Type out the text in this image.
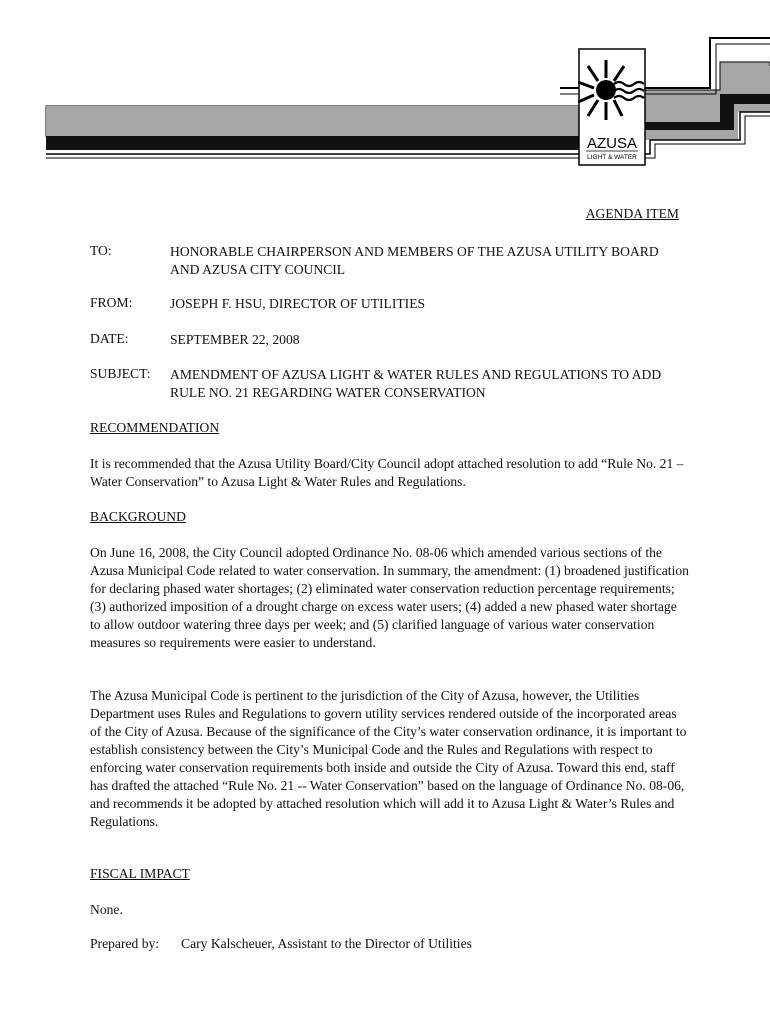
AZUSA
LIGHT & WATER
AGENDA ITEM
TO:	HONORABLE CHAIRPERSON AND MEMBERS OF THE AZUSA UTILITY BOARD AND AZUSA CITY COUNCIL
FROM:	JOSEPH F. HSU, DIRECTOR OF UTILITIES
DATE:	SEPTEMBER 22, 2008
SUBJECT: AMENDMENT OF AZUSA LIGHT & WATER RULES AND REGULATIONS TO ADD RULE NO. 21 REGARDING WATER CONSERVATION
RECOMMENDATION

It is recommended that the Azusa Utility Board/City Council adopt attached resolution to add “Rule No. 21 – Water Conservation” to Azusa Light & Water Rules and Regulations.

BACKGROUND

On June 16, 2008, the City Council adopted Ordinance No. 08-06 which amended various sections of the Azusa Municipal Code related to water conservation. In summary, the amendment: (1) broadened justification for declaring phased water shortages; (2) eliminated water conservation reduction percentage requirements; (3) authorized imposition of a drought charge on excess water users; (4) added a new phased water shortage to allow outdoor watering three days per week; and (5) clarified language of various water conservation measures so requirements were easier to understand.

The Azusa Municipal Code is pertinent to the jurisdiction of the City of Azusa, however, the Utilities Department uses Rules and Regulations to govern utility services rendered outside of the incorporated areas of the City of Azusa. Because of the significance of the City’s water conservation ordinance, it is important to establish consistency between the City’s Municipal Code and the Rules and Regulations with respect to enforcing water conservation requirements both inside and outside the City of Azusa. Toward this end, staff has drafted the attached “Rule No. 21 -- Water Conservation” based on the language of Ordinance No. 08-06, and recommends it be adopted by attached resolution which will add it to Azusa Light & Water’s Rules and Regulations.

FISCAL IMPACT

None.

Prepared by: Cary Kalscheuer, Assistant to the Director of Utilities
